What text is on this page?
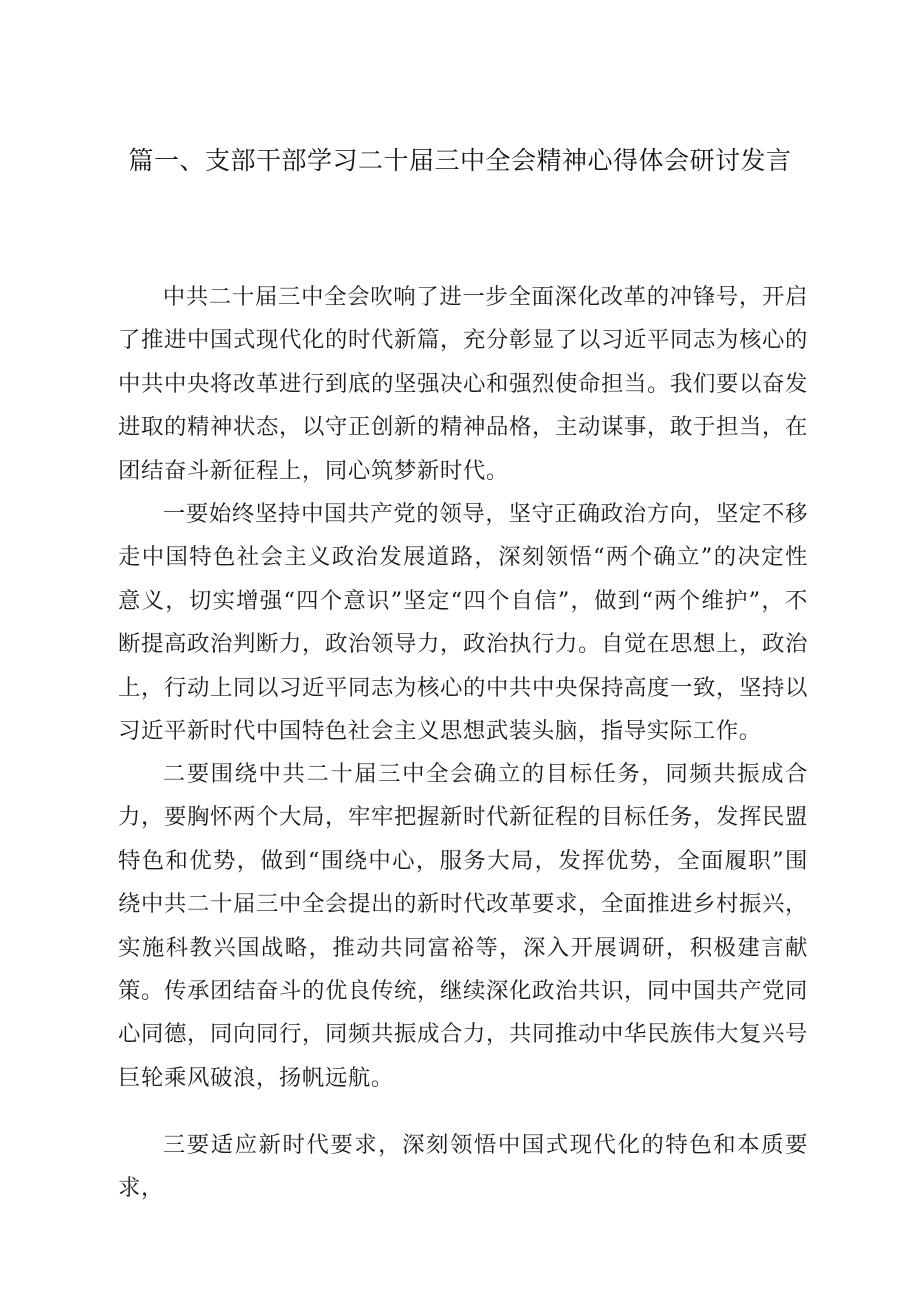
篇一、支部干部学习二十届三中全会精神心得体会研讨发言

中共二十届三中全会吹响了进一步全面深化改革的冲锋号，开启了推进中国式现代化的时代新篇，充分彰显了以习近平同志为核心的中共中央将改革进行到底的坚强决心和强烈使命担当。我们要以奋发进取的精神状态，以守正创新的精神品格，主动谋事，敢于担当，在团结奋斗新征程上，同心筑梦新时代。

一要始终坚持中国共产党的领导，坚守正确政治方向，坚定不移走中国特色社会主义政治发展道路，深刻领悟“两个确立”的决定性意义，切实增强“四个意识”坚定“四个自信”，做到“两个维护”，不断提高政治判断力，政治领导力，政治执行力。自觉在思想上，政治上，行动上同以习近平同志为核心的中共中央保持高度一致，坚持以习近平新时代中国特色社会主义思想武装头脑，指导实际工作。

二要围绕中共二十届三中全会确立的目标任务，同频共振成合力，要胸怀两个大局，牢牢把握新时代新征程的目标任务，发挥民盟特色和优势，做到“围绕中心，服务大局，发挥优势，全面履职”围绕中共二十届三中全会提出的新时代改革要求，全面推进乡村振兴，实施科教兴国战略，推动共同富裕等，深入开展调研，积极建言献策。传承团结奋斗的优良传统，继续深化政治共识，同中国共产党同心同德，同向同行，同频共振成合力，共同推动中华民族伟大复兴号巨轮乘风破浪，扬帆远航。

三要适应新时代要求，深刻领悟中国式现代化的特色和本质要求，
